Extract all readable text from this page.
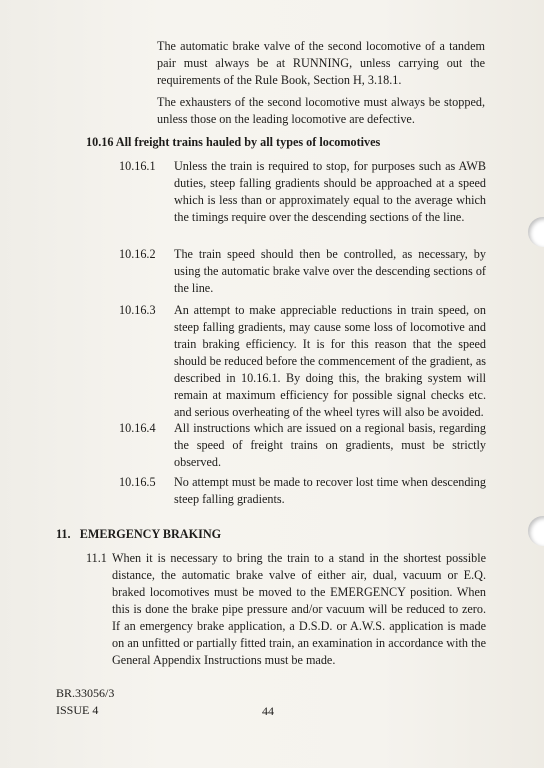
The automatic brake valve of the second locomotive of a tandem pair must always be at RUNNING, unless carrying out the requirements of the Rule Book, Section H, 3.18.1.
The exhausters of the second locomotive must always be stopped, unless those on the leading locomotive are defective.
10.16 All freight trains hauled by all types of locomotives
10.16.1 Unless the train is required to stop, for purposes such as AWB duties, steep falling gradients should be approached at a speed which is less than or approximately equal to the average which the timings require over the descending sections of the line.
10.16.2 The train speed should then be controlled, as necessary, by using the automatic brake valve over the descending sections of the line.
10.16.3 An attempt to make appreciable reductions in train speed, on steep falling gradients, may cause some loss of locomotive and train braking efficiency. It is for this reason that the speed should be reduced before the commencement of the gradient, as described in 10.16.1. By doing this, the braking system will remain at maximum efficiency for possible signal checks etc. and serious overheating of the wheel tyres will also be avoided.
10.16.4 All instructions which are issued on a regional basis, regarding the speed of freight trains on gradients, must be strictly observed.
10.16.5 No attempt must be made to recover lost time when descending steep falling gradients.
11.   EMERGENCY BRAKING
11.1 When it is necessary to bring the train to a stand in the shortest possible distance, the automatic brake valve of either air, dual, vacuum or E.Q. braked locomotives must be moved to the EMERGENCY position. When this is done the brake pipe pressure and/or vacuum will be reduced to zero. If an emergency brake application, a D.S.D. or A.W.S. application is made on an unfitted or partially fitted train, an examination in accordance with the General Appendix Instructions must be made.
BR.33056/3
ISSUE 4	44
